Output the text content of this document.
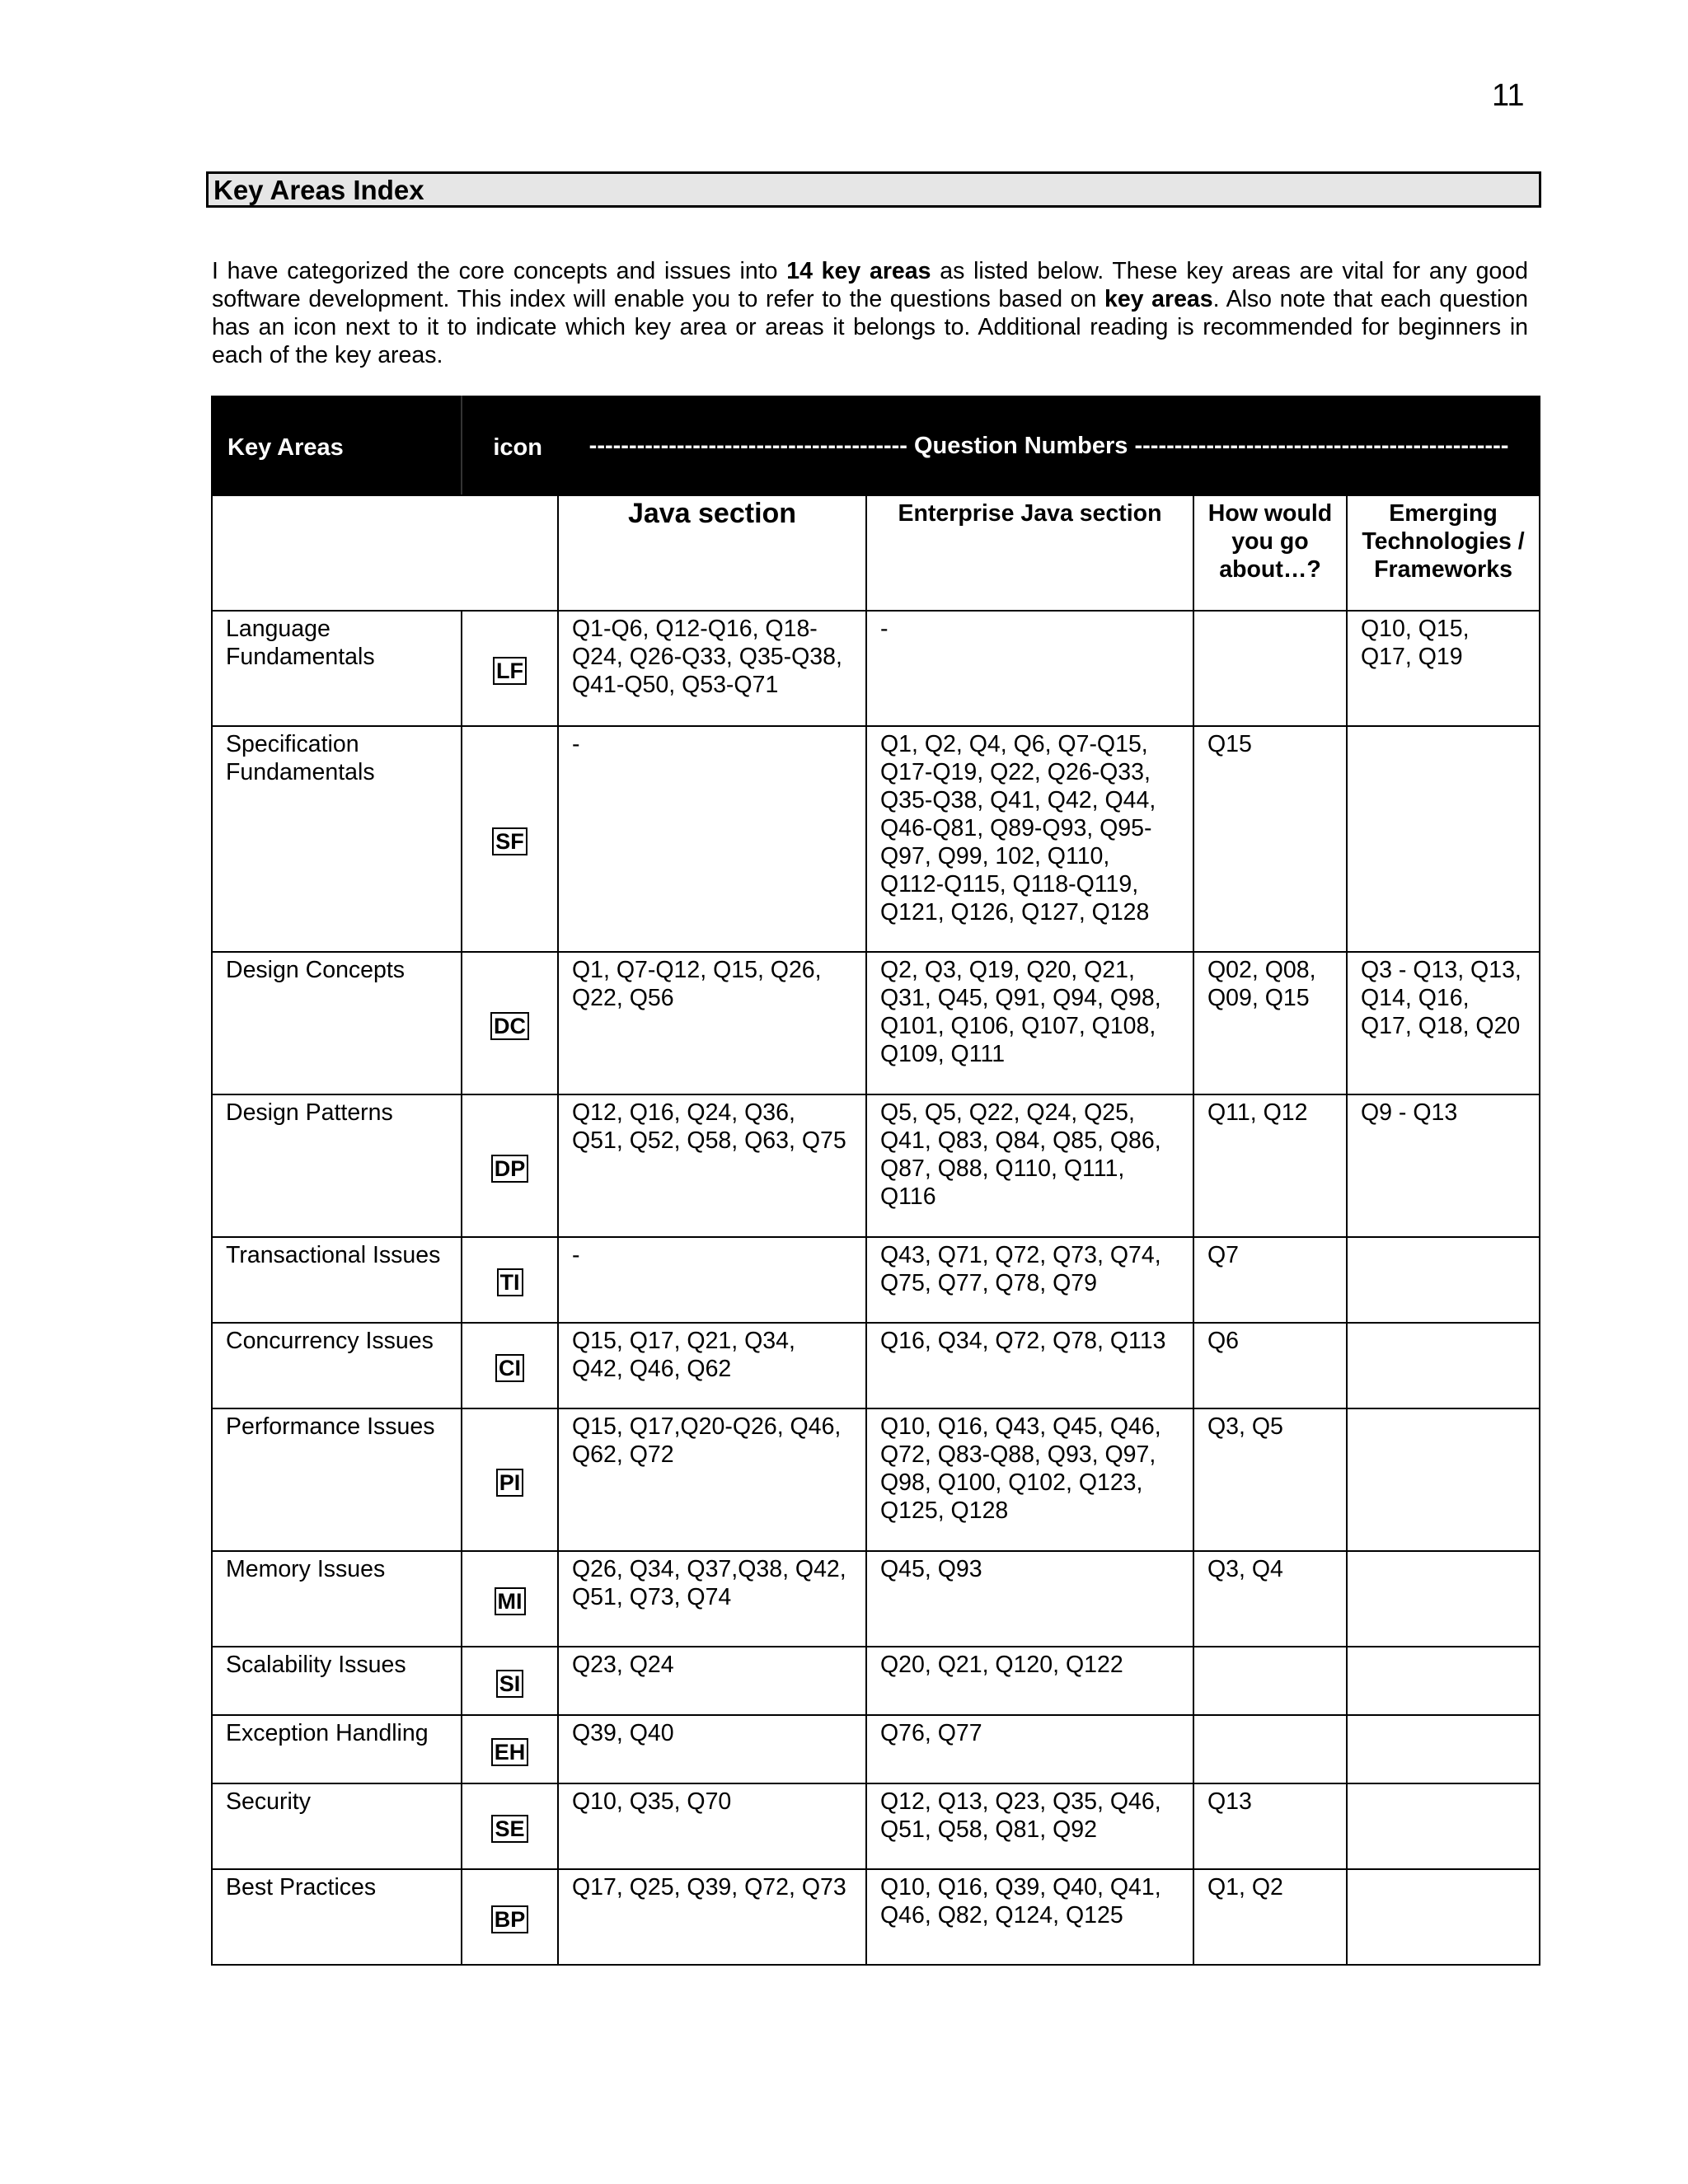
11
Key Areas Index
I have categorized the core concepts and issues into 14 key areas as listed below. These key areas are vital for any good software development. This index will enable you to refer to the questions based on key areas. Also note that each question has an icon next to it to indicate which key area or areas it belongs to. Additional reading is recommended for beginners in each of the key areas.
Key Areas	icon	---------------------------------------- Question Numbers -----------------------------------------------			
		Java section	Enterprise Java section	How would you go about…?	Emerging Technologies / Frameworks
Language Fundamentals	LF	Q1-Q6, Q12-Q16, Q18-Q24, Q26-Q33, Q35-Q38, Q41-Q50, Q53-Q71	-		Q10, Q15, Q17, Q19
Specification Fundamentals	SF	-	Q1, Q2, Q4, Q6, Q7-Q15, Q17-Q19, Q22, Q26-Q33, Q35-Q38, Q41, Q42, Q44, Q46-Q81, Q89-Q93, Q95-Q97, Q99, 102, Q110, Q112-Q115, Q118-Q119, Q121, Q126, Q127, Q128	Q15	
Design Concepts	DC	Q1, Q7-Q12, Q15, Q26, Q22, Q56	Q2, Q3, Q19, Q20, Q21, Q31, Q45, Q91, Q94, Q98, Q101, Q106, Q107, Q108, Q109, Q111	Q02, Q08, Q09, Q15	Q3 - Q13, Q13, Q14, Q16, Q17, Q18, Q20
Design Patterns	DP	Q12, Q16, Q24, Q36, Q51, Q52, Q58, Q63, Q75	Q5, Q5, Q22, Q24, Q25, Q41, Q83, Q84, Q85, Q86, Q87, Q88, Q110, Q111, Q116	Q11, Q12	Q9 - Q13
Transactional Issues	TI	-	Q43, Q71, Q72, Q73, Q74, Q75, Q77, Q78, Q79	Q7	
Concurrency Issues	CI	Q15, Q17, Q21, Q34, Q42, Q46, Q62	Q16, Q34, Q72, Q78, Q113	Q6	
Performance Issues	PI	Q15, Q17,Q20-Q26, Q46, Q62, Q72	Q10, Q16, Q43, Q45, Q46, Q72, Q83-Q88, Q93, Q97, Q98, Q100, Q102, Q123, Q125, Q128	Q3, Q5	
Memory Issues	MI	Q26, Q34, Q37,Q38, Q42, Q51, Q73, Q74	Q45, Q93	Q3, Q4	
Scalability Issues	SI	Q23, Q24	Q20, Q21, Q120, Q122		
Exception Handling	EH	Q39, Q40	Q76, Q77		
Security	SE	Q10, Q35, Q70	Q12, Q13, Q23, Q35, Q46, Q51, Q58, Q81, Q92	Q13	
Best Practices	BP	Q17, Q25, Q39, Q72, Q73	Q10, Q16, Q39, Q40, Q41, Q46, Q82, Q124, Q125	Q1, Q2	
